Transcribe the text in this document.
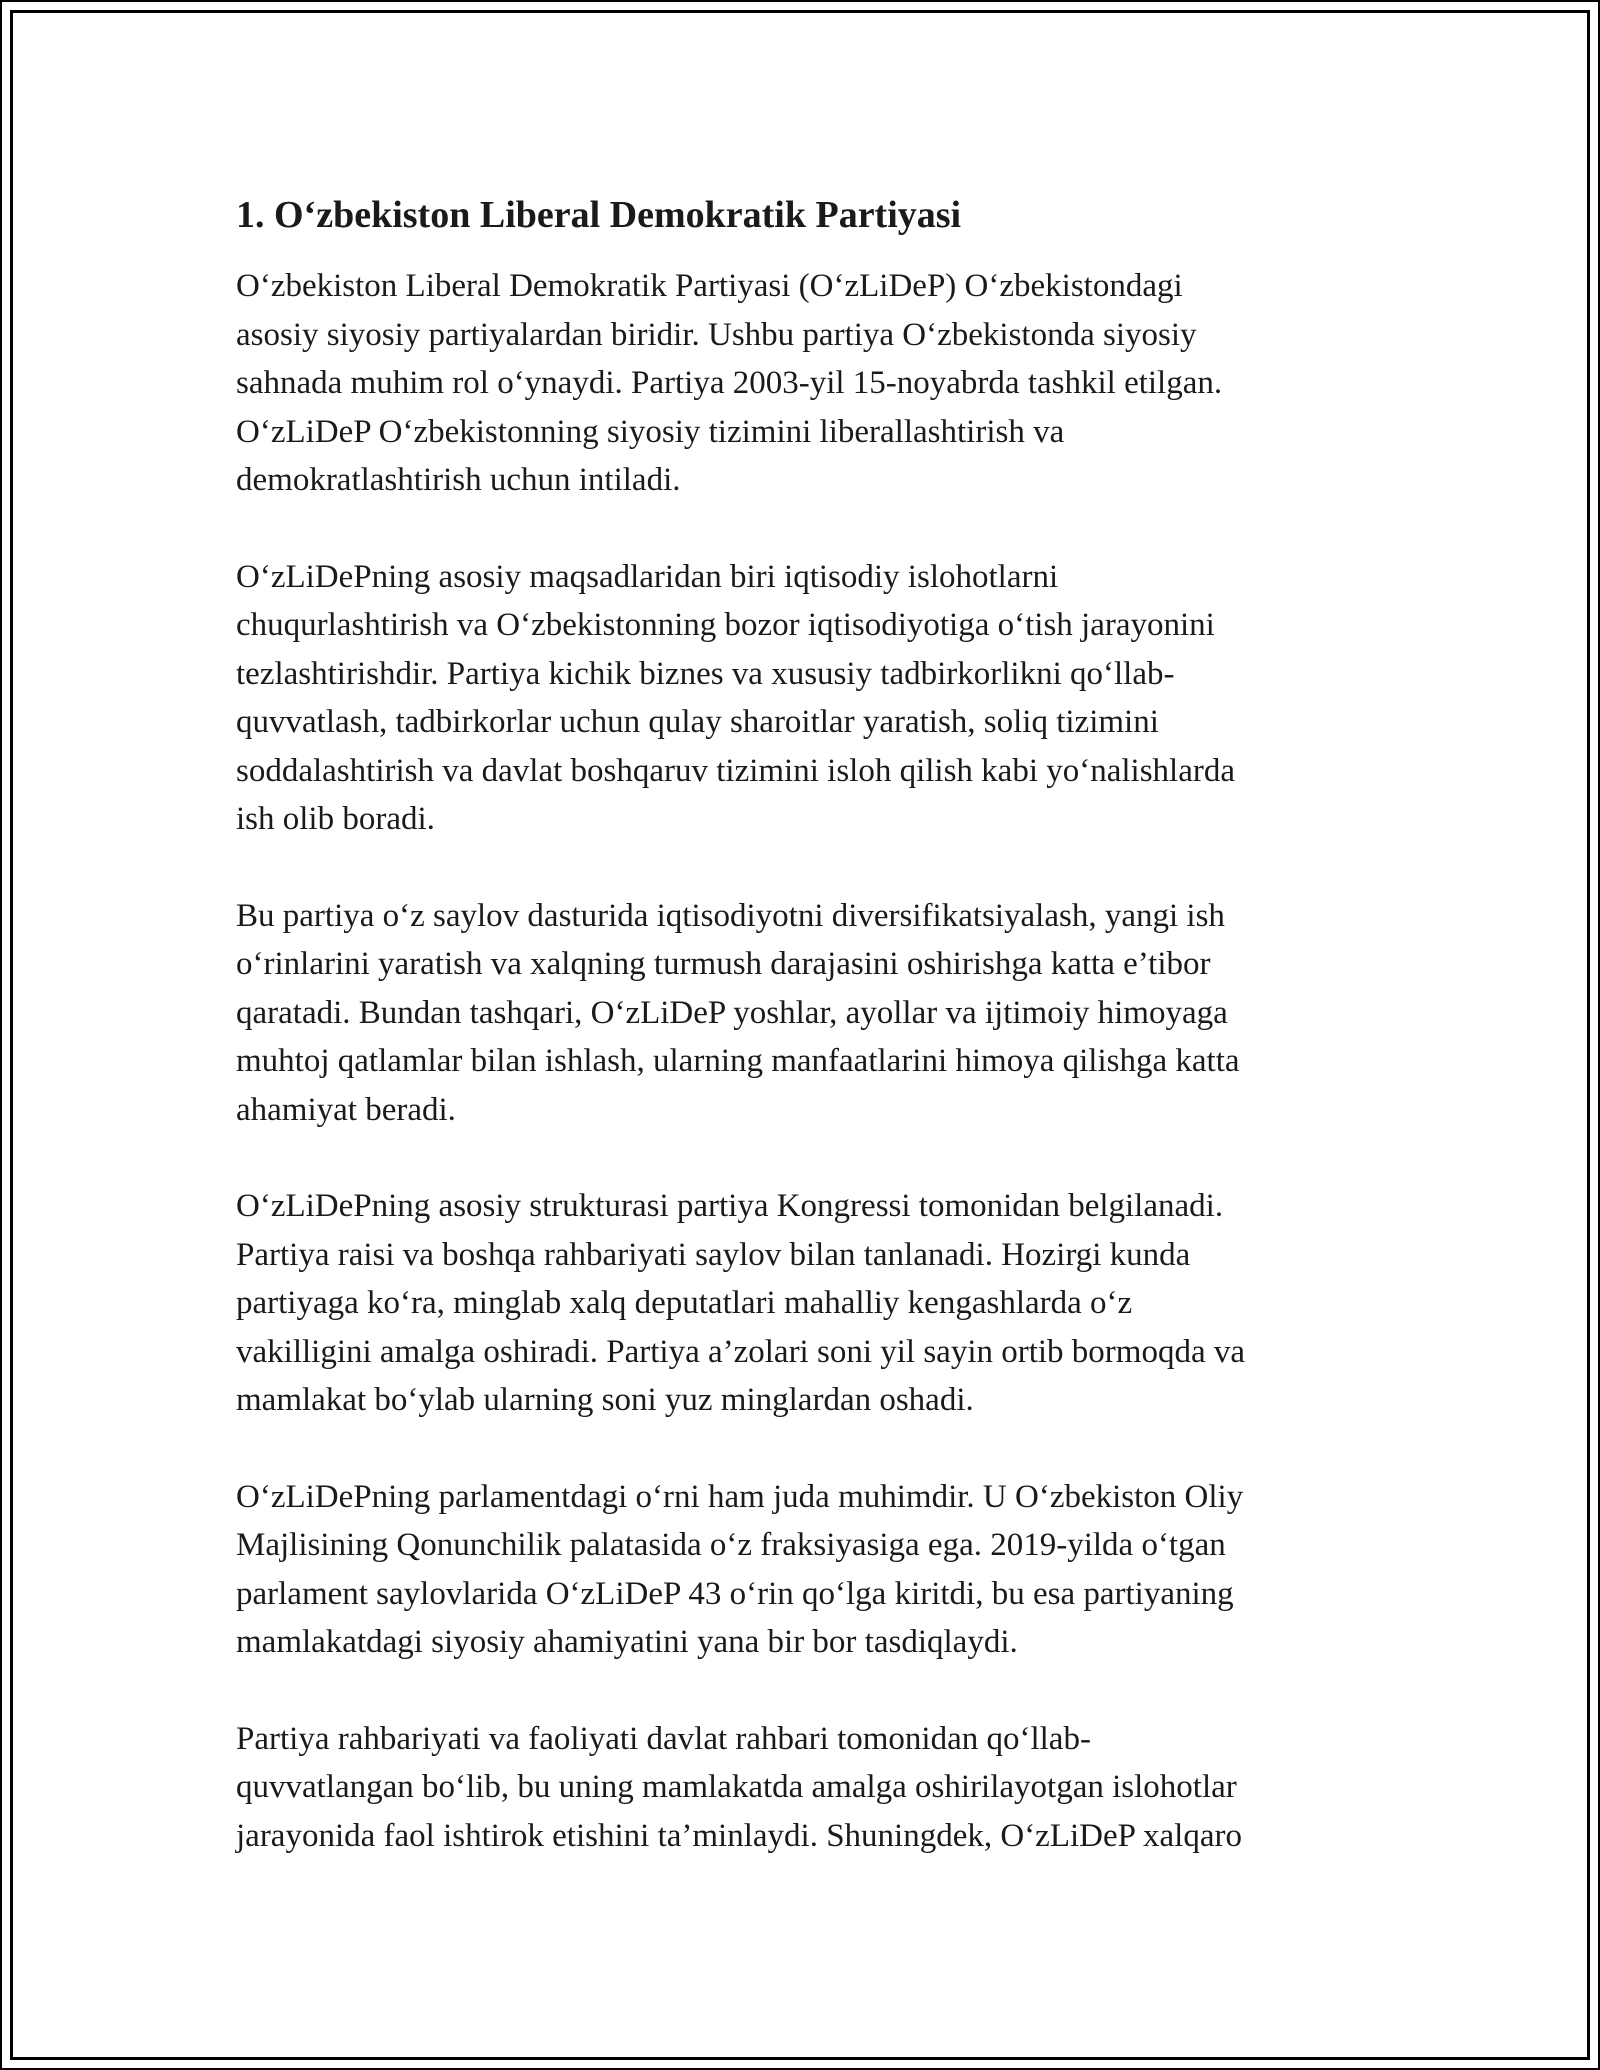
1. O‘zbekiston Liberal Demokratik Partiyasi

O‘zbekiston Liberal Demokratik Partiyasi (O‘zLiDeP) O‘zbekistondagi
asosiy siyosiy partiyalardan biridir. Ushbu partiya O‘zbekistonda siyosiy
sahnada muhim rol o‘ynaydi. Partiya 2003-yil 15-noyabrda tashkil etilgan.
O‘zLiDeP O‘zbekistonning siyosiy tizimini liberallashtirish va
demokratlashtirish uchun intiladi.

O‘zLiDePning asosiy maqsadlaridan biri iqtisodiy islohotlarni
chuqurlashtirish va O‘zbekistonning bozor iqtisodiyotiga o‘tish jarayonini
tezlashtirishdir. Partiya kichik biznes va xususiy tadbirkorlikni qo‘llab-
quvvatlash, tadbirkorlar uchun qulay sharoitlar yaratish, soliq tizimini
soddalashtirish va davlat boshqaruv tizimini isloh qilish kabi yo‘nalishlarda
ish olib boradi.

Bu partiya o‘z saylov dasturida iqtisodiyotni diversifikatsiyalash, yangi ish
o‘rinlarini yaratish va xalqning turmush darajasini oshirishga katta e’tibor
qaratadi. Bundan tashqari, O‘zLiDeP yoshlar, ayollar va ijtimoiy himoyaga
muhtoj qatlamlar bilan ishlash, ularning manfaatlarini himoya qilishga katta
ahamiyat beradi.

O‘zLiDePning asosiy strukturasi partiya Kongressi tomonidan belgilanadi.
Partiya raisi va boshqa rahbariyati saylov bilan tanlanadi. Hozirgi kunda
partiyaga ko‘ra, minglab xalq deputatlari mahalliy kengashlarda o‘z
vakilligini amalga oshiradi. Partiya a’zolari soni yil sayin ortib bormoqda va
mamlakat bo‘ylab ularning soni yuz minglardan oshadi.

O‘zLiDePning parlamentdagi o‘rni ham juda muhimdir. U O‘zbekiston Oliy
Majlisining Qonunchilik palatasida o‘z fraksiyasiga ega. 2019-yilda o‘tgan
parlament saylovlarida O‘zLiDeP 43 o‘rin qo‘lga kiritdi, bu esa partiyaning
mamlakatdagi siyosiy ahamiyatini yana bir bor tasdiqlaydi.

Partiya rahbariyati va faoliyati davlat rahbari tomonidan qo‘llab-
quvvatlangan bo‘lib, bu uning mamlakatda amalga oshirilayotgan islohotlar
jarayonida faol ishtirok etishini ta’minlaydi. Shuningdek, O‘zLiDeP xalqaro
